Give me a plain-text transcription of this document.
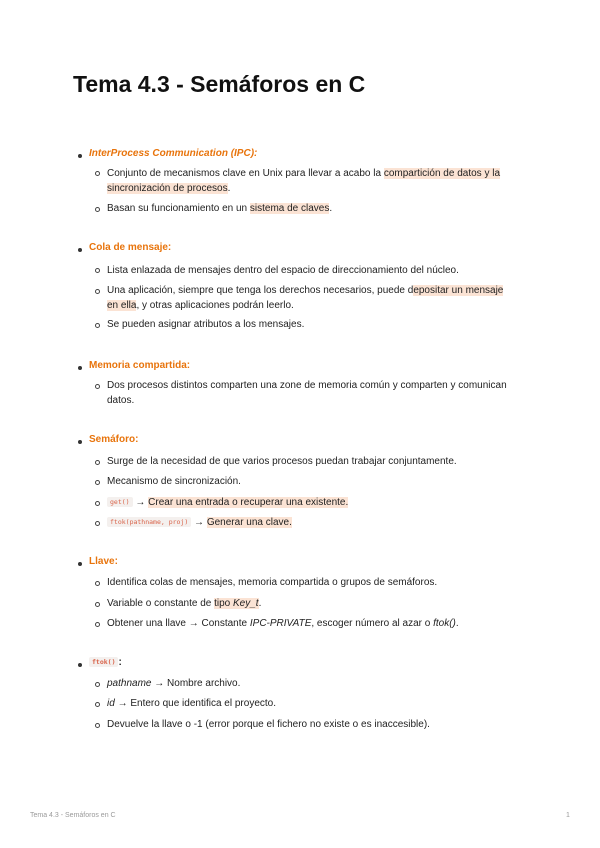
Tema 4.3 - Semáforos en C
InterProcess Communication (IPC):
Conjunto de mecanismos clave en Unix para llevar a acabo la compartición de datos y la
sincronización de procesos.
Basan su funcionamiento en un sistema de claves.
Cola de mensaje:
Lista enlazada de mensajes dentro del espacio de direccionamiento del núcleo.
Una aplicación, siempre que tenga los derechos necesarios, puede depositar un mensaje
en ella, y otras aplicaciones podrán leerlo.
Se pueden asignar atributos a los mensajes.
Memoria compartida:
Dos procesos distintos comparten una zone de memoria común y comparten y comunican
datos.
Semáforo:
Surge de la necesidad de que varios procesos puedan trabajar conjuntamente.
Mecanismo de sincronización.
get() → Crear una entrada o recuperar una existente.
ftok(pathname, proj) → Generar una clave.
Llave:
Identifica colas de mensajes, memoria compartida o grupos de semáforos.
Variable o constante de tipo Key_t.
Obtener una llave → Constante IPC-PRIVATE, escoger número al azar o ftok().
ftok() :
pathname → Nombre archivo.
id → Entero que identifica el proyecto.
Devuelve la llave o -1 (error porque el fichero no existe o es inaccesible).
Tema 4.3 - Semáforos en C	1
